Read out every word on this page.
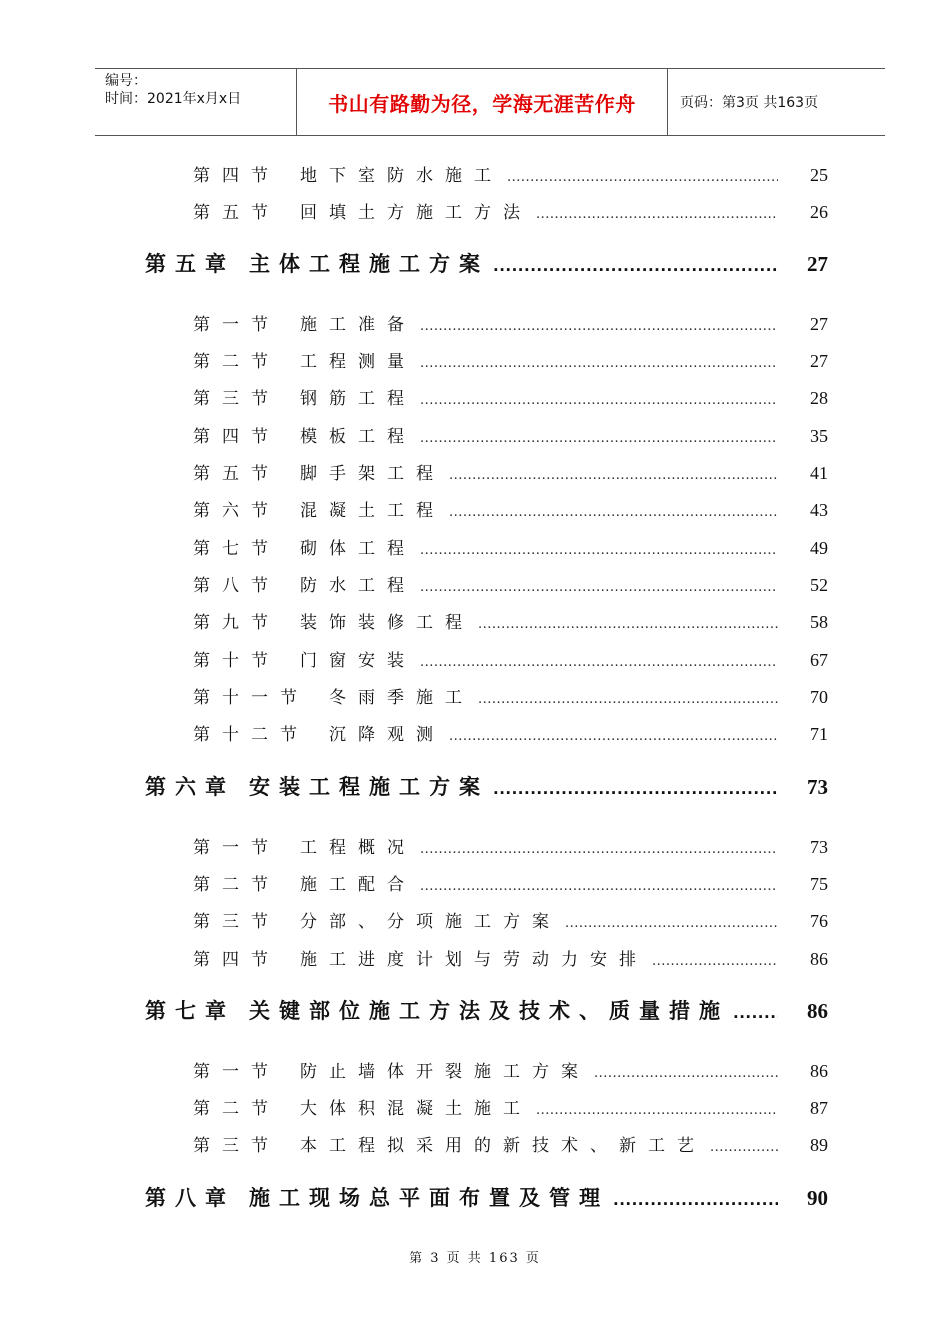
编号：
时间：2021年x月x日	书山有路勤为径，学海无涯苦作舟	页码：第3页 共163页
第四节 地下室防水施工 .....	25
第五节 回填土方施工方法 .....	26
第五章 主体工程施工方案 .....	27
第一节 施工准备 .....	27
第二节 工程测量 .....	27
第三节 钢筋工程 .....	28
第四节 模板工程 .....	35
第五节 脚手架工程 .....	41
第六节 混凝土工程 .....	43
第七节 砌体工程 .....	49
第八节 防水工程 .....	52
第九节 装饰装修工程 .....	58
第十节 门窗安装 .....	67
第十一节 冬雨季施工 .....	70
第十二节 沉降观测 .....	71
第六章 安装工程施工方案 .....	73
第一节 工程概况 .....	73
第二节 施工配合 .....	75
第三节 分部、分项施工方案 .....	76
第四节 施工进度计划与劳动力安排 .....	86
第七章 关键部位施工方法及技术、质量措施 .....	86
第一节 防止墙体开裂施工方案 .....	86
第二节 大体积混凝土施工 .....	87
第三节 本工程拟采用的新技术、新工艺 .....	89
第八章 施工现场总平面布置及管理 .....	90
第 3 页 共 163 页
